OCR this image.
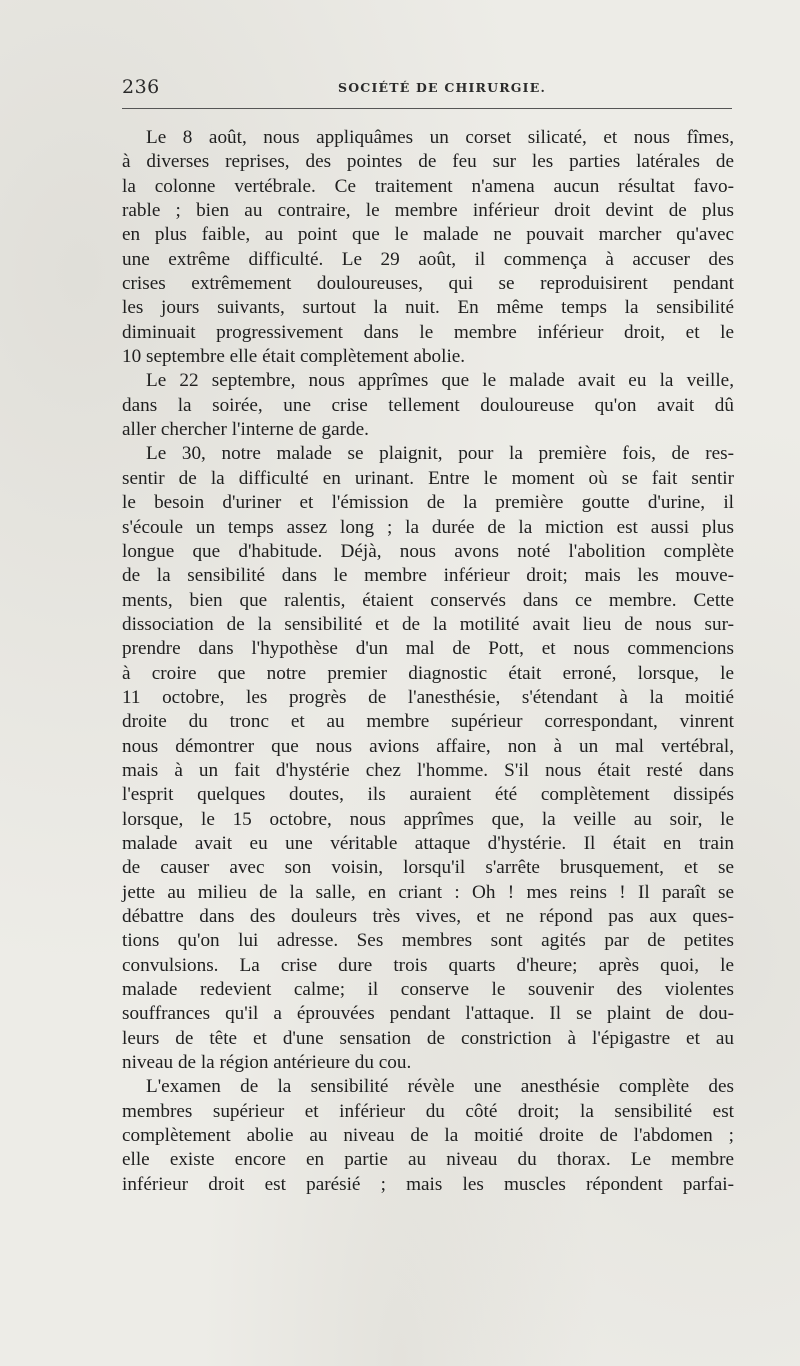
236	SOCIÉTÉ DE CHIRURGIE.
Le 8 août, nous appliquâmes un corset silicaté, et nous fîmes,
à diverses reprises, des pointes de feu sur les parties latérales de
la colonne vertébrale. Ce traitement n'amena aucun résultat favo-
rable ; bien au contraire, le membre inférieur droit devint de plus
en plus faible, au point que le malade ne pouvait marcher qu'avec
une extrême difficulté. Le 29 août, il commença à accuser des
crises extrêmement douloureuses, qui se reproduisirent pendant
les jours suivants, surtout la nuit. En même temps la sensibilité
diminuait progressivement dans le membre inférieur droit, et le
10 septembre elle était complètement abolie.
Le 22 septembre, nous apprîmes que le malade avait eu la veille,
dans la soirée, une crise tellement douloureuse qu'on avait dû
aller chercher l'interne de garde.
Le 30, notre malade se plaignit, pour la première fois, de res-
sentir de la difficulté en urinant. Entre le moment où se fait sentir
le besoin d'uriner et l'émission de la première goutte d'urine, il
s'écoule un temps assez long ; la durée de la miction est aussi plus
longue que d'habitude. Déjà, nous avons noté l'abolition complète
de la sensibilité dans le membre inférieur droit; mais les mouve-
ments, bien que ralentis, étaient conservés dans ce membre. Cette
dissociation de la sensibilité et de la motilité avait lieu de nous sur-
prendre dans l'hypothèse d'un mal de Pott, et nous commencions
à croire que notre premier diagnostic était erroné, lorsque, le
11 octobre, les progrès de l'anesthésie, s'étendant à la moitié
droite du tronc et au membre supérieur correspondant, vinrent
nous démontrer que nous avions affaire, non à un mal vertébral,
mais à un fait d'hystérie chez l'homme. S'il nous était resté dans
l'esprit quelques doutes, ils auraient été complètement dissipés
lorsque, le 15 octobre, nous apprîmes que, la veille au soir, le
malade avait eu une véritable attaque d'hystérie. Il était en train
de causer avec son voisin, lorsqu'il s'arrête brusquement, et se
jette au milieu de la salle, en criant : Oh ! mes reins ! Il paraît se
débattre dans des douleurs très vives, et ne répond pas aux ques-
tions qu'on lui adresse. Ses membres sont agités par de petites
convulsions. La crise dure trois quarts d'heure; après quoi, le
malade redevient calme; il conserve le souvenir des violentes
souffrances qu'il a éprouvées pendant l'attaque. Il se plaint de dou-
leurs de tête et d'une sensation de constriction à l'épigastre et au
niveau de la région antérieure du cou.
L'examen de la sensibilité révèle une anesthésie complète des
membres supérieur et inférieur du côté droit; la sensibilité est
complètement abolie au niveau de la moitié droite de l'abdomen ;
elle existe encore en partie au niveau du thorax. Le membre
inférieur droit est parésié ; mais les muscles répondent parfai-
